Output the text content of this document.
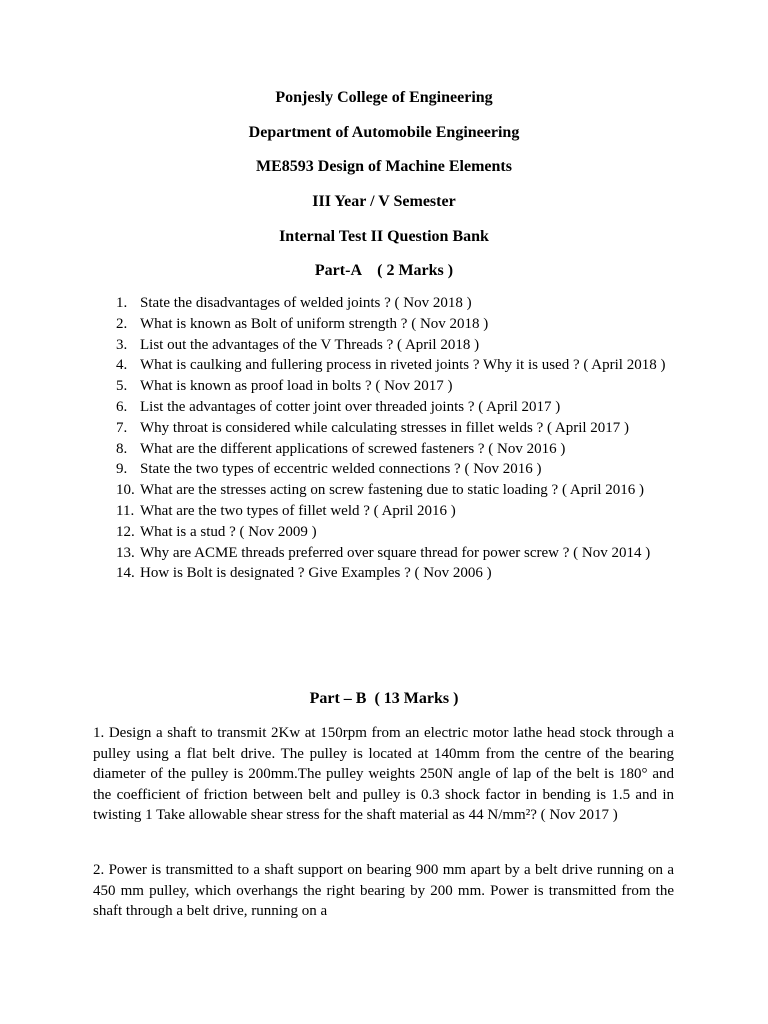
Ponjesly College of Engineering

Department of Automobile Engineering

ME8593 Design of Machine Elements

III Year / V Semester

Internal Test II Question Bank

Part-A    ( 2 Marks )

1. State the disadvantages of welded joints ? ( Nov 2018 )
2. What is known as Bolt of uniform strength ? ( Nov 2018 )
3. List out the advantages of the V Threads ? ( April 2018 )
4. What is caulking and fullering process in riveted joints ? Why it is used ? ( April 2018 )
5. What is known as proof load in bolts ? ( Nov 2017 )
6. List the advantages of cotter joint over threaded joints ? ( April 2017 )
7. Why throat is considered while calculating stresses in fillet welds ? ( April 2017 )
8. What are the different applications of screwed fasteners ? ( Nov 2016 )
9. State the two types of eccentric welded connections ? ( Nov 2016 )
10. What are the stresses acting on screw fastening due to static loading ? ( April 2016 )
11. What are the two types of fillet weld ? ( April 2016 )
12. What is a stud ? ( Nov 2009 )
13. Why are ACME threads preferred over square thread for power screw ? ( Nov 2014 )
14. How is Bolt is designated ? Give Examples ? ( Nov 2006 )

Part – B  ( 13 Marks )

1. Design a shaft to transmit 2Kw at 150rpm from an electric motor lathe head stock through a pulley using a flat belt drive. The pulley is located at 140mm from the centre of the bearing diameter of the pulley is 200mm.The pulley weights 250N angle of lap of the belt is 180° and the coefficient of friction between belt and pulley is 0.3 shock factor in bending is 1.5 and in twisting 1 Take allowable shear stress for the shaft material as 44 N/mm²? ( Nov 2017 )

2. Power is transmitted to a shaft support on bearing 900 mm apart by a belt drive running on a 450 mm pulley, which overhangs the right bearing by 200 mm. Power is transmitted from the shaft through a belt drive, running on a
